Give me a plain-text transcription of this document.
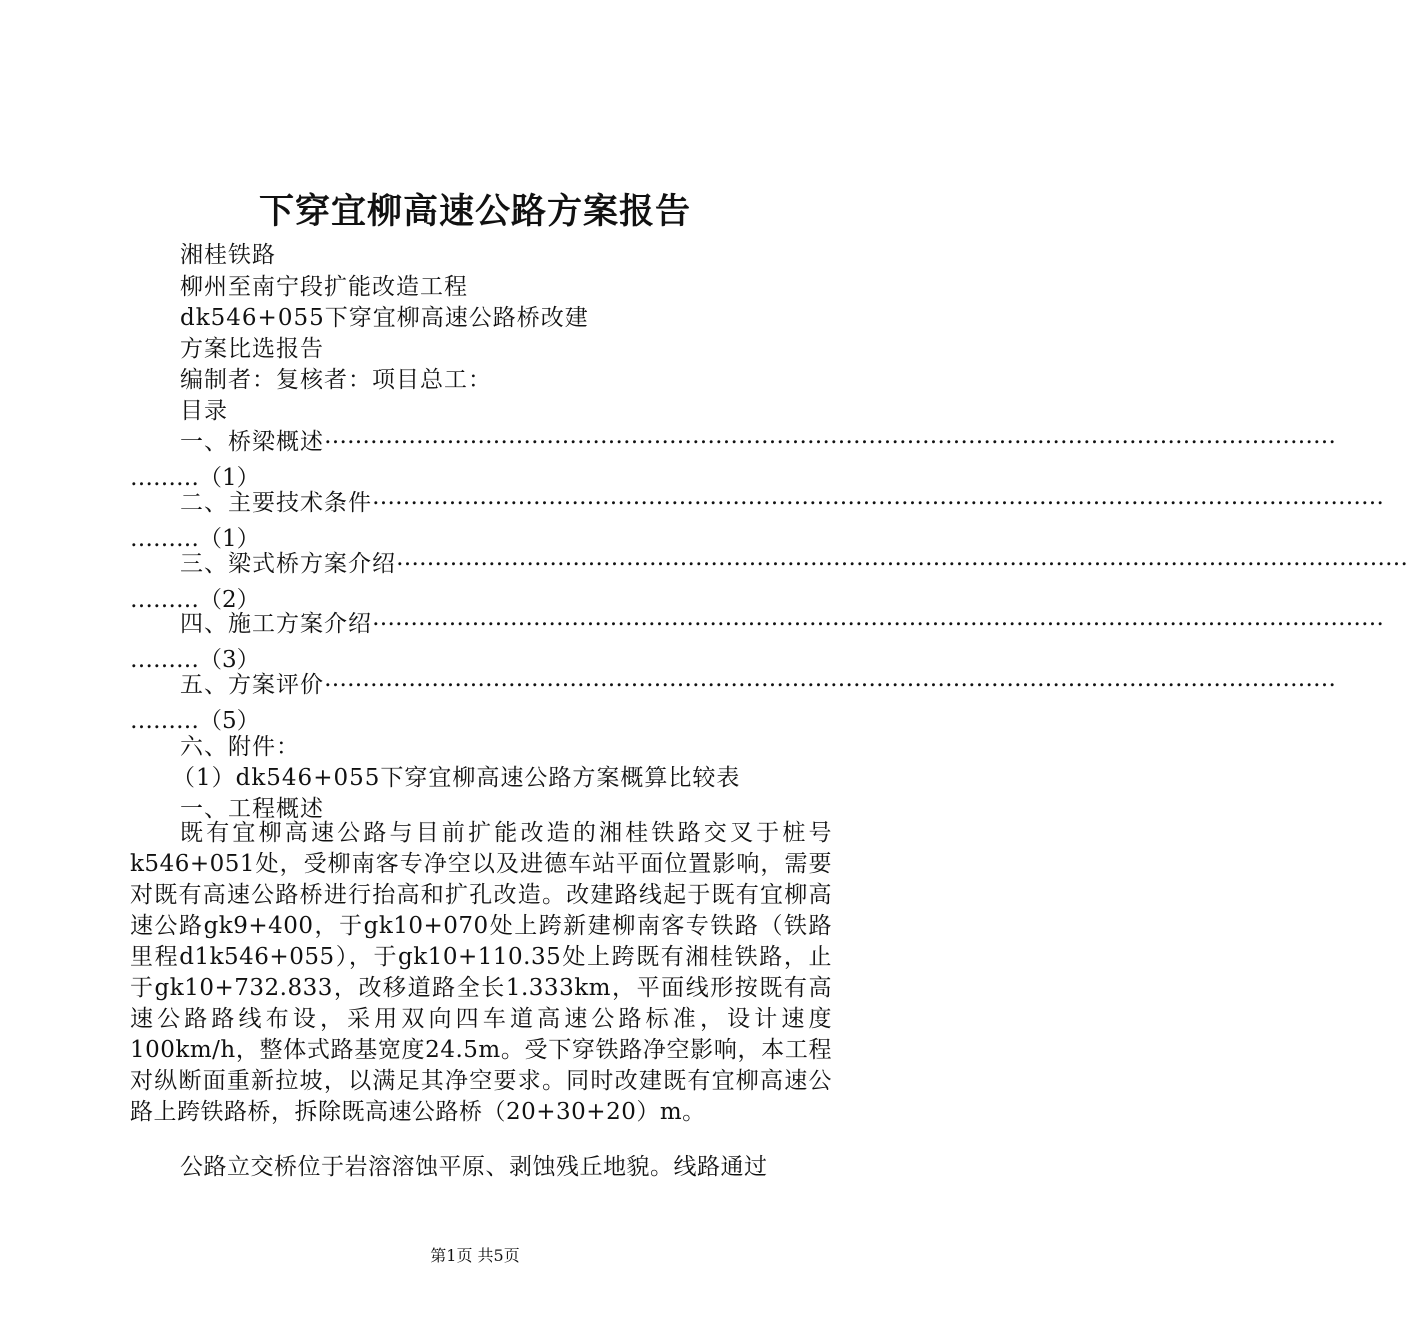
下穿宜柳高速公路方案报告
湘桂铁路
柳州至南宁段扩能改造工程
dk546+055下穿宜柳高速公路桥改建
方案比选报告
编制者：复核者：项目总工：
目录
一、桥梁概述 ……………………………………………………………………………………………………………………
………（1）
二、主要技术条件 ……………………………………………………………………………………………………………………
………（1）
三、梁式桥方案介绍 ……………………………………………………………………………………………………………………
………（2）
四、施工方案介绍 ……………………………………………………………………………………………………………………
………（3）
五、方案评价 ……………………………………………………………………………………………………………………
………（5）
六、附件：
（1）dk546+055下穿宜柳高速公路方案概算比较表
一、工程概述
既有宜柳高速公路与目前扩能改造的湘桂铁路交叉于桩号k546+051处，受柳南客专净空以及进德车站平面位置影响，需要对既有高速公路桥进行抬高和扩孔改造。改建路线起于既有宜柳高速公路gk9+400，于gk10+070处上跨新建柳南客专铁路（铁路里程d1k546+055），于gk10+110.35处上跨既有湘桂铁路，止于gk10+732.833，改移道路全长1.333km，平面线形按既有高速公路路线布设，采用双向四车道高速公路标准，设计速度100km/h，整体式路基宽度24.5m。受下穿铁路净空影响，本工程对纵断面重新拉坡，以满足其净空要求。同时改建既有宜柳高速公路上跨铁路桥，拆除既高速公路桥（20+30+20）m。
公路立交桥位于岩溶溶蚀平原、剥蚀残丘地貌。线路通过
第1页 共5页
